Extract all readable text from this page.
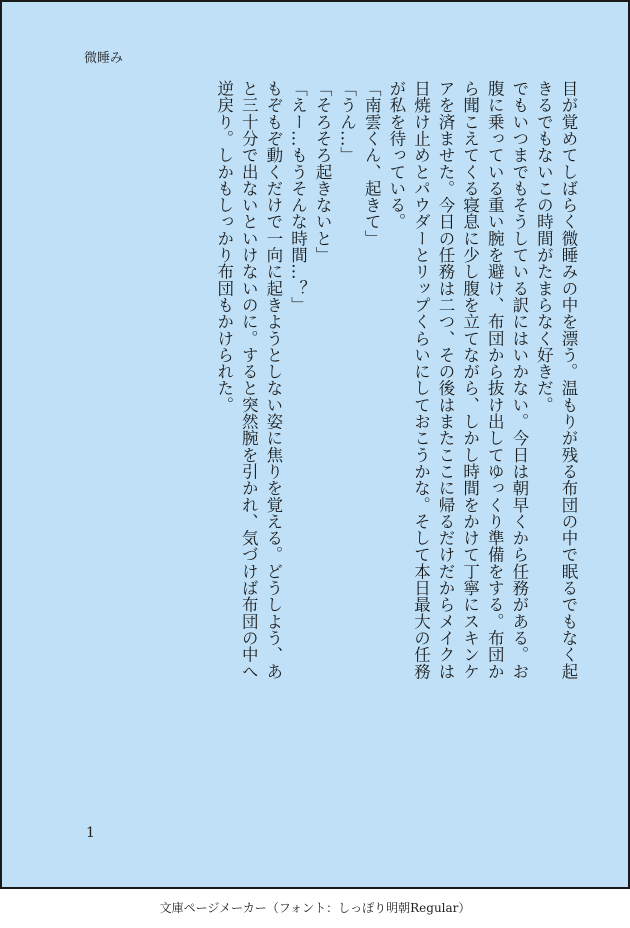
微睡み

目が覚めてしばらく微睡みの中を漂う。温もりが残る布団の中で眠るでもなく起きるでもないこの時間がたまらなく好きだ。

でもいつまでもそうしている訳にはいかない。今日は朝早くから任務がある。お腹に乗っている重い腕を避け、布団から抜け出してゆっくり準備をする。布団から聞こえてくる寝息に少し腹を立てながら、しかし時間をかけて丁寧にスキンケアを済ませた。今日の任務は二つ、その後はまたここに帰るだけだからメイクは日焼け止めとパウダーとリップくらいにしておこうかな。そして本日最大の任務が私を待っている。

「南雲くん、起きて」

「うん…」

「そろそろ起きないと」

「えー…もうそんな時間…？」

もぞもぞ動くだけで一向に起きようとしない姿に焦りを覚える。どうしよう、あと三十分で出ないといけないのに。すると突然腕を引かれ、気づけば布団の中へ逆戻り。しかもしっかり布団もかけられた。

1
文庫ページメーカー（フォント：しっぽり明朝Regular）
